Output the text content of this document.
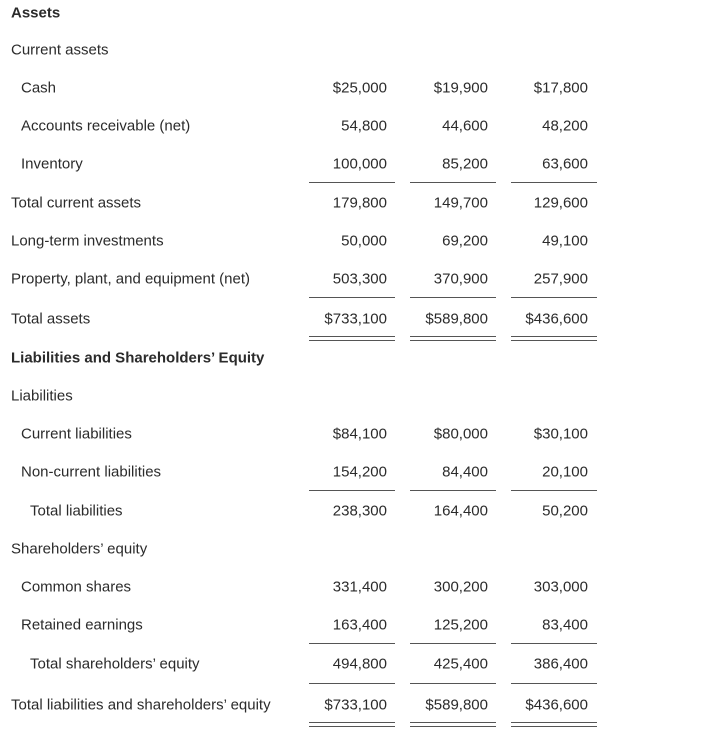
Assets
Current assets
Cash	$25,000	$19,900	$17,800
Accounts receivable (net)	54,800	44,600	48,200
Inventory	100,000	85,200	63,600
Total current assets	179,800	149,700	129,600
Long-term investments	50,000	69,200	49,100
Property, plant, and equipment (net)	503,300	370,900	257,900
Total assets	$733,100	$589,800	$436,600
Liabilities and Shareholders’ Equity
Liabilities
Current liabilities	$84,100	$80,000	$30,100
Non-current liabilities	154,200	84,400	20,100
Total liabilities	238,300	164,400	50,200
Shareholders’ equity
Common shares	331,400	300,200	303,000
Retained earnings	163,400	125,200	83,400
Total shareholders’ equity	494,800	425,400	386,400
Total liabilities and shareholders’ equity	$733,100	$589,800	$436,600
